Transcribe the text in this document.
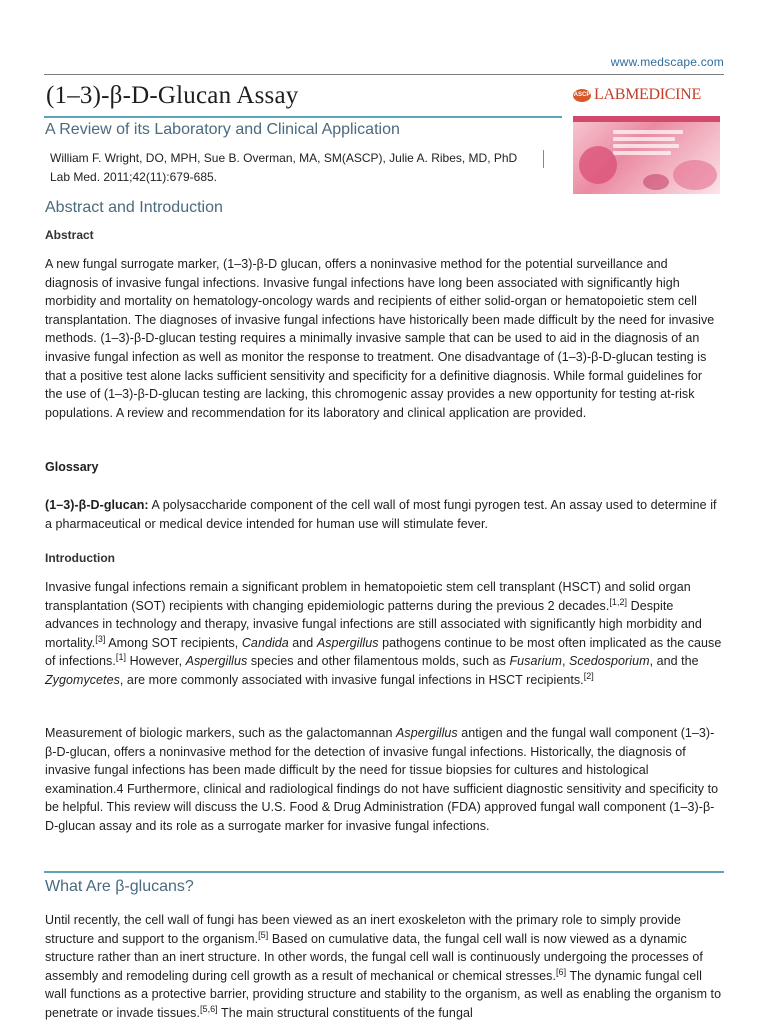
www.medscape.com
(1–3)-β-D-Glucan Assay
A Review of its Laboratory and Clinical Application
William F. Wright, DO, MPH, Sue B. Overman, MA, SM(ASCP), Julie A. Ribes, MD, PhD
Lab Med. 2011;42(11):679-685.
ASCP LABMEDICINE
Abstract and Introduction
Abstract

A new fungal surrogate marker, (1–3)-β-D glucan, offers a noninvasive method for the potential surveillance and diagnosis of invasive fungal infections. Invasive fungal infections have long been associated with significantly high morbidity and mortality on hematology-oncology wards and recipients of either solid-organ or hematopoietic stem cell transplantation. The diagnoses of invasive fungal infections have historically been made difficult by the need for invasive methods. (1–3)-β-D-glucan testing requires a minimally invasive sample that can be used to aid in the diagnosis of an invasive fungal infection as well as monitor the response to treatment. One disadvantage of (1–3)-β-D-glucan testing is that a positive test alone lacks sufficient sensitivity and specificity for a definitive diagnosis. While formal guidelines for the use of (1–3)-β-D-glucan testing are lacking, this chromogenic assay provides a new opportunity for testing at-risk populations. A review and recommendation for its laboratory and clinical application are provided.

Glossary

(1–3)-β-D-glucan: A polysaccharide component of the cell wall of most fungi pyrogen test. An assay used to determine if a pharmaceutical or medical device intended for human use will stimulate fever.

Introduction

Invasive fungal infections remain a significant problem in hematopoietic stem cell transplant (HSCT) and solid organ transplantation (SOT) recipients with changing epidemiologic patterns during the previous 2 decades.[1,2] Despite advances in technology and therapy, invasive fungal infections are still associated with significantly high morbidity and mortality.[3] Among SOT recipients, Candida and Aspergillus pathogens continue to be most often implicated as the cause of infections.[1] However, Aspergillus species and other filamentous molds, such as Fusarium, Scedosporium, and the Zygomycetes, are more commonly associated with invasive fungal infections in HSCT recipients.[2]

Measurement of biologic markers, such as the galactomannan Aspergillus antigen and the fungal wall component (1–3)-β-D-glucan, offers a noninvasive method for the detection of invasive fungal infections. Historically, the diagnosis of invasive fungal infections has been made difficult by the need for tissue biopsies for cultures and histological examination.4 Furthermore, clinical and radiological findings do not have sufficient diagnostic sensitivity and specificity to be helpful. This review will discuss the U.S. Food & Drug Administration (FDA) approved fungal wall component (1–3)-β-D-glucan assay and its role as a surrogate marker for invasive fungal infections.

What Are β-glucans?

Until recently, the cell wall of fungi has been viewed as an inert exoskeleton with the primary role to simply provide structure and support to the organism.[5] Based on cumulative data, the fungal cell wall is now viewed as a dynamic structure rather than an inert structure. In other words, the fungal cell wall is continuously undergoing the processes of assembly and remodeling during cell growth as a result of mechanical or chemical stresses.[6] The dynamic fungal cell wall functions as a protective barrier, providing structure and stability to the organism, as well as enabling the organism to penetrate or invade tissues.[5,6] The main structural constituents of the fungal
